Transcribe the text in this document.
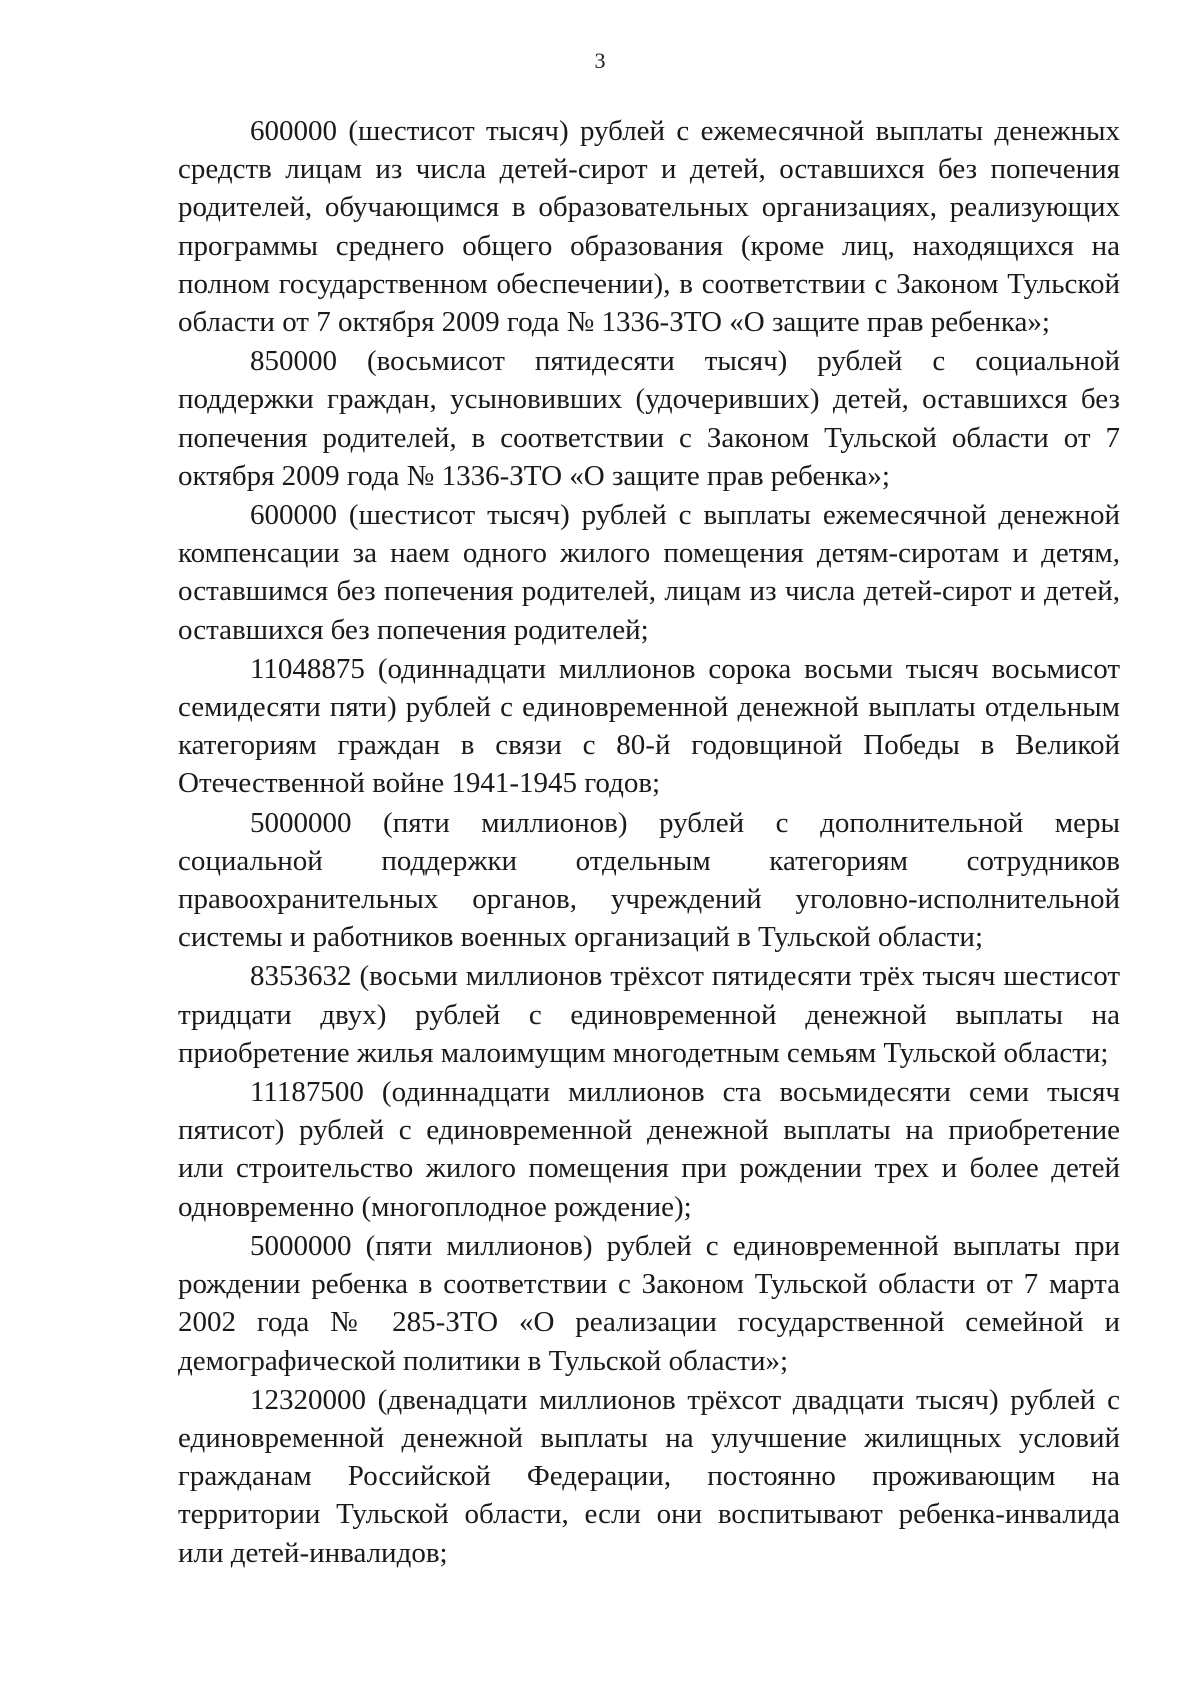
3

600000 (шестисот тысяч) рублей с ежемесячной выплаты денежных средств лицам из числа детей-сирот и детей, оставшихся без попечения родителей, обучающимся в образовательных организациях, реализующих программы среднего общего образования (кроме лиц, находящихся на полном государственном обеспечении), в соответствии с Законом Тульской области от 7 октября 2009 года № 1336-ЗТО «О защите прав ребенка»;

850000 (восьмисот пятидесяти тысяч) рублей с социальной поддержки граждан, усыновивших (удочеривших) детей, оставшихся без попечения родителей, в соответствии с Законом Тульской области от 7 октября 2009 года № 1336-ЗТО «О защите прав ребенка»;

600000 (шестисот тысяч) рублей с выплаты ежемесячной денежной компенсации за наем одного жилого помещения детям-сиротам и детям, оставшимся без попечения родителей, лицам из числа детей-сирот и детей, оставшихся без попечения родителей;

11048875 (одиннадцати миллионов сорока восьми тысяч восьмисот семидесяти пяти) рублей с единовременной денежной выплаты отдельным категориям граждан в связи с 80-й годовщиной Победы в Великой Отечественной войне 1941-1945 годов;

5000000 (пяти миллионов) рублей с дополнительной меры социальной поддержки отдельным категориям сотрудников правоохранительных органов, учреждений уголовно-исполнительной системы и работников военных организаций в Тульской области;

8353632 (восьми миллионов трёхсот пятидесяти трёх тысяч шестисот тридцати двух) рублей с единовременной денежной выплаты на приобретение жилья малоимущим многодетным семьям Тульской области;

11187500 (одиннадцати миллионов ста восьмидесяти семи тысяч пятисот) рублей с единовременной денежной выплаты на приобретение или строительство жилого помещения при рождении трех и более детей одновременно (многоплодное рождение);

5000000 (пяти миллионов) рублей с единовременной выплаты при рождении ребенка в соответствии с Законом Тульской области от 7 марта 2002 года № 285-ЗТО «О реализации государственной семейной и демографической политики в Тульской области»;

12320000 (двенадцати миллионов трёхсот двадцати тысяч) рублей с единовременной денежной выплаты на улучшение жилищных условий гражданам Российской Федерации, постоянно проживающим на территории Тульской области, если они воспитывают ребенка-инвалида или детей-инвалидов;
